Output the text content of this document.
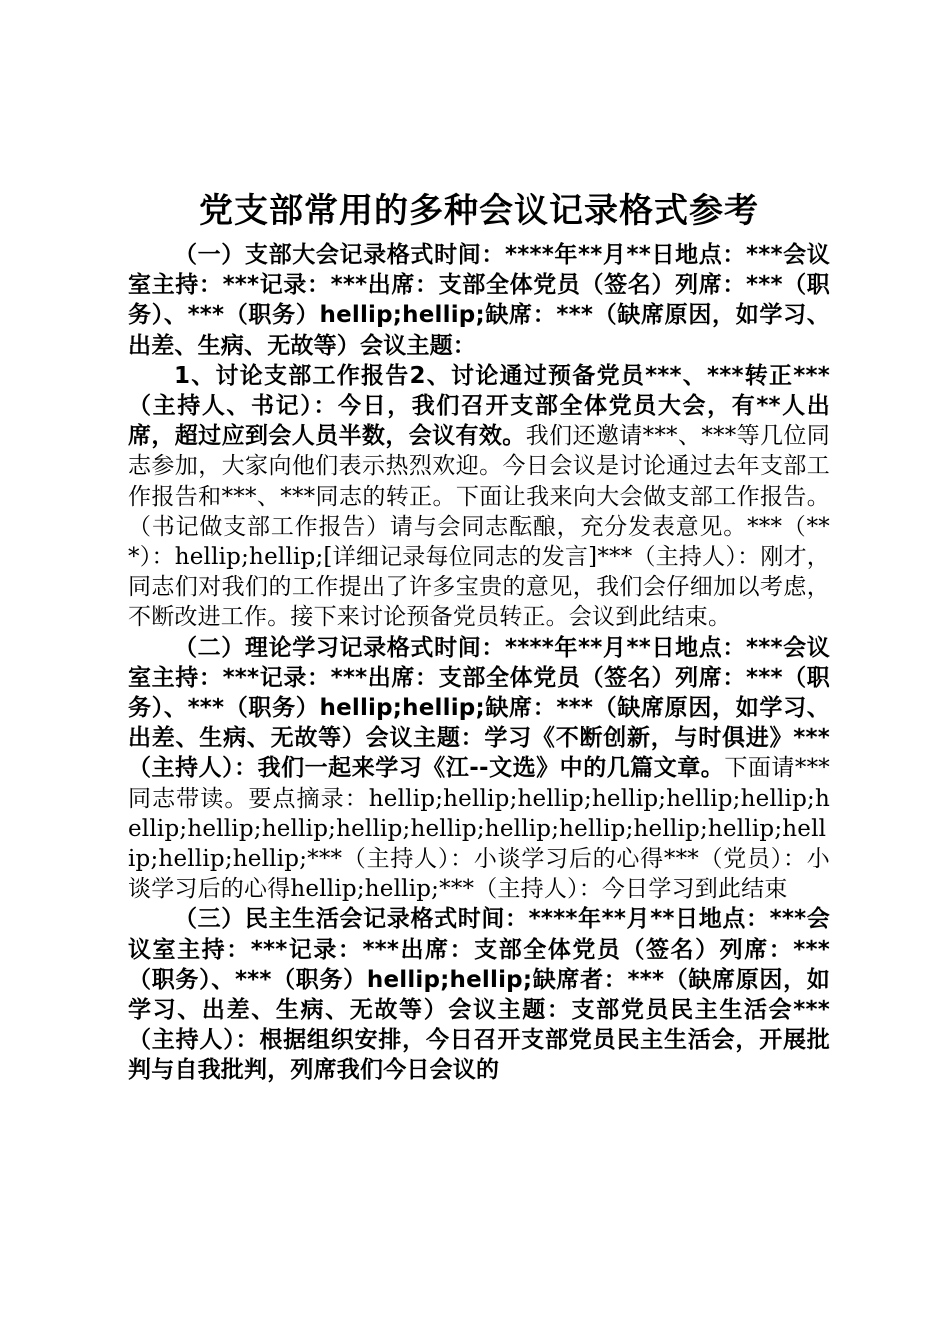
党支部常用的多种会议记录格式参考

（一）支部大会记录格式时间：****年**月**日地点：***会议室主持：***记录：***出席：支部全体党员（签名）列席：***（职务）、***（职务）hellip;hellip;缺席：***（缺席原因，如学习、出差、生病、无故等）会议主题：

1、讨论支部工作报告2、讨论通过预备党员***、***转正***（主持人、书记）：今日，我们召开支部全体党员大会，有**人出席，超过应到会人员半数，会议有效。我们还邀请***、***等几位同志参加，大家向他们表示热烈欢迎。今日会议是讨论通过去年支部工作报告和***、***同志的转正。下面让我来向大会做支部工作报告。（书记做支部工作报告）请与会同志酝酿，充分发表意见。***（***）：hellip;hellip;[详细记录每位同志的发言]***（主持人）：刚才，同志们对我们的工作提出了许多宝贵的意见，我们会仔细加以考虑，不断改进工作。接下来讨论预备党员转正。会议到此结束。

（二）理论学习记录格式时间：****年**月**日地点：***会议室主持：***记录：***出席：支部全体党员（签名）列席：***（职务）、***（职务）hellip;hellip;缺席：***（缺席原因，如学习、出差、生病、无故等）会议主题：学习《不断创新，与时俱进》***（主持人）：我们一起来学习《江--文选》中的几篇文章。下面请***同志带读。要点摘录：hellip;hellip;hellip;hellip;hellip;hellip;hellip;hellip;hellip;hellip;hellip;hellip;hellip;hellip;hellip;hellip;hellip;hellip;***（主持人）：小谈学习后的心得***（党员）：小谈学习后的心得hellip;hellip;***（主持人）：今日学习到此结束

（三）民主生活会记录格式时间：****年**月**日地点：***会议室主持：***记录：***出席：支部全体党员（签名）列席：***（职务）、***（职务）hellip;hellip;缺席者：***（缺席原因，如学习、出差、生病、无故等）会议主题：支部党员民主生活会***（主持人）：根据组织安排，今日召开支部党员民主生活会，开展批判与自我批判，列席我们今日会议的
